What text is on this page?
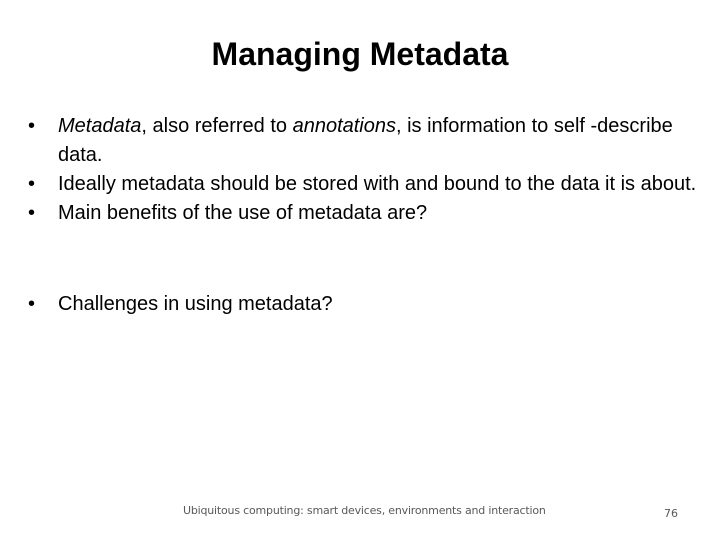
Managing Metadata
• Metadata, also referred to annotations, is information to self -describe data.
• Ideally metadata should be stored with and bound to the data it is about.
• Main benefits of the use of metadata are?
• Challenges in using metadata?
Ubiquitous computing: smart devices, environments and interaction	76
